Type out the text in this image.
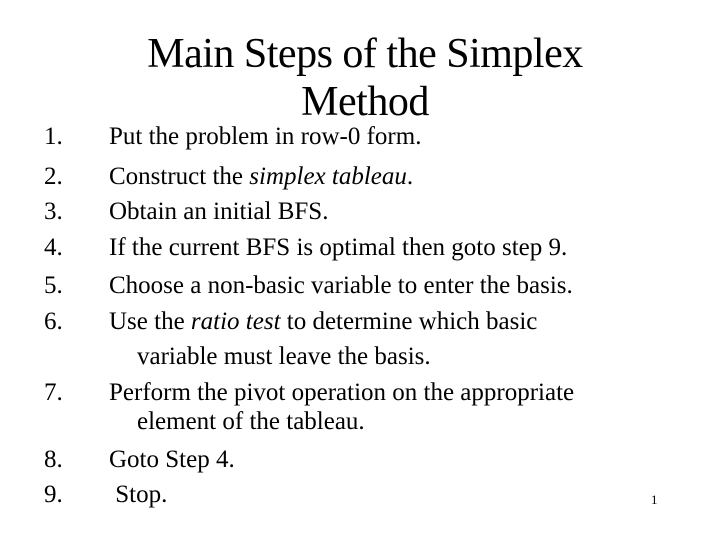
Main Steps of the Simplex Method
1. Put the problem in row-0 form.
2. Construct the simplex tableau.
3. Obtain an initial BFS.
4. If the current BFS is optimal then goto step 9.
5. Choose a non-basic variable to enter the basis.
6. Use the ratio test to determine which basic
variable must leave the basis.
7. Perform the pivot operation on the appropriate
element of the tableau.
8. Goto Step 4.
9. Stop.	1
